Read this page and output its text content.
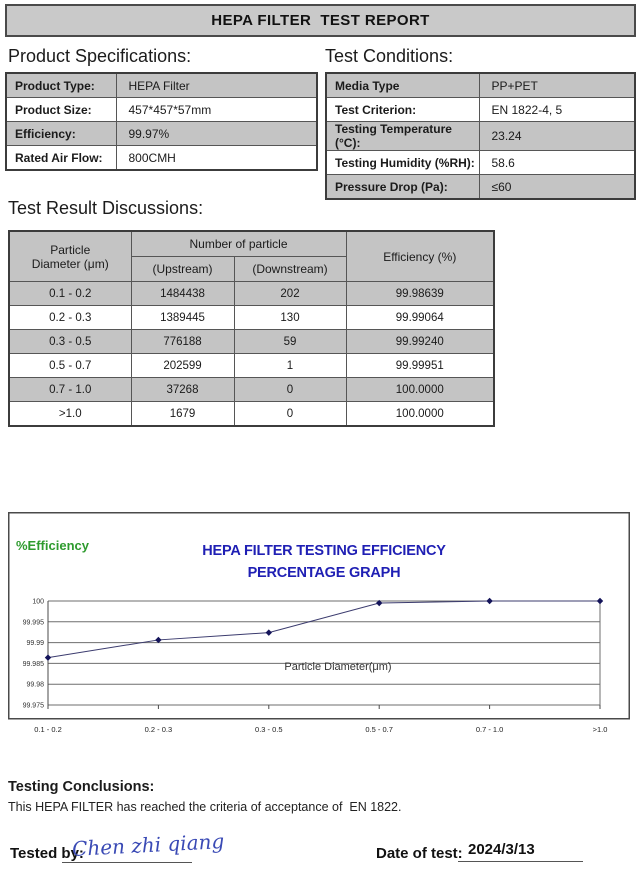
HEPA FILTER  TEST REPORT
Product Specifications:	Test Conditions:
Product Type:	HEPA Filter
Product Size:	457*457*57mm
Efficiency:	99.97%
Rated Air Flow:	800CMH
Media Type	PP+PET
Test Criterion:	EN 1822-4, 5
Testing Temperature (°C):	23.24
Testing Humidity (%RH):	58.6
Pressure Drop (Pa):	≤60
Test Result Discussions:
Particle
Diameter (μm)	Number of particle		Efficiency (%)
	(Upstream)	(Downstream)	
0.1 - 0.2	1484438	202	99.98639
0.2 - 0.3	1389445	130	99.99064
0.3 - 0.5	776188	59	99.99240
0.5 - 0.7	202599	1	99.99951
0.7 - 1.0	37268	0	100.0000
>1.0	1679	0	100.0000
100
99.995
99.99
99.985
99.98
99.975
0.1 - 0.2	0.2 - 0.3	0.3 - 0.5	0.5 - 0.7	0.7 - 1.0	>1.0
HEPA FILTER TESTING EFFICIENCY
PERCENTAGE GRAPH
%Efficiency
Particle Diameter(μm)
Testing Conclusions:
This HEPA FILTER has reached the criteria of acceptance of  EN 1822.
Tested by:
Chen zhi qiang	Date of test: 2024/3/13
